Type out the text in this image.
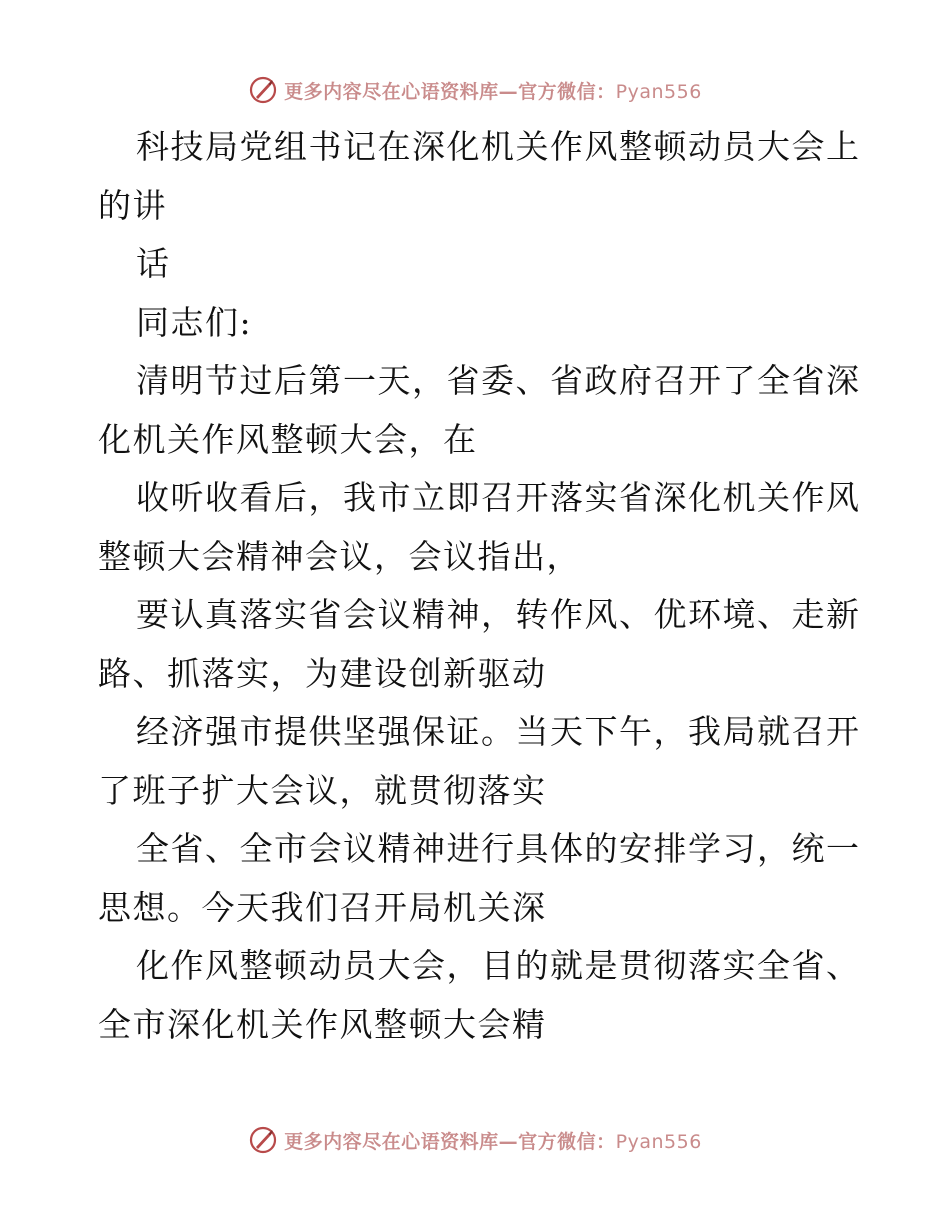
更多内容尽在心语资料库—官方微信：Pyan556
科技局党组书记在深化机关作风整顿动员大会上
的讲
话
同志们:
清明节过后第一天，省委、省政府召开了全省深
化机关作风整顿大会，在
收听收看后，我市立即召开落实省深化机关作风
整顿大会精神会议，会议指出，
要认真落实省会议精神，转作风、优环境、走新
路、抓落实，为建设创新驱动
经济强市提供坚强保证。当天下午，我局就召开
了班子扩大会议，就贯彻落实
全省、全市会议精神进行具体的安排学习，统一
思想。今天我们召开局机关深
化作风整顿动员大会，目的就是贯彻落实全省、
全市深化机关作风整顿大会精
更多内容尽在心语资料库—官方微信：Pyan556
